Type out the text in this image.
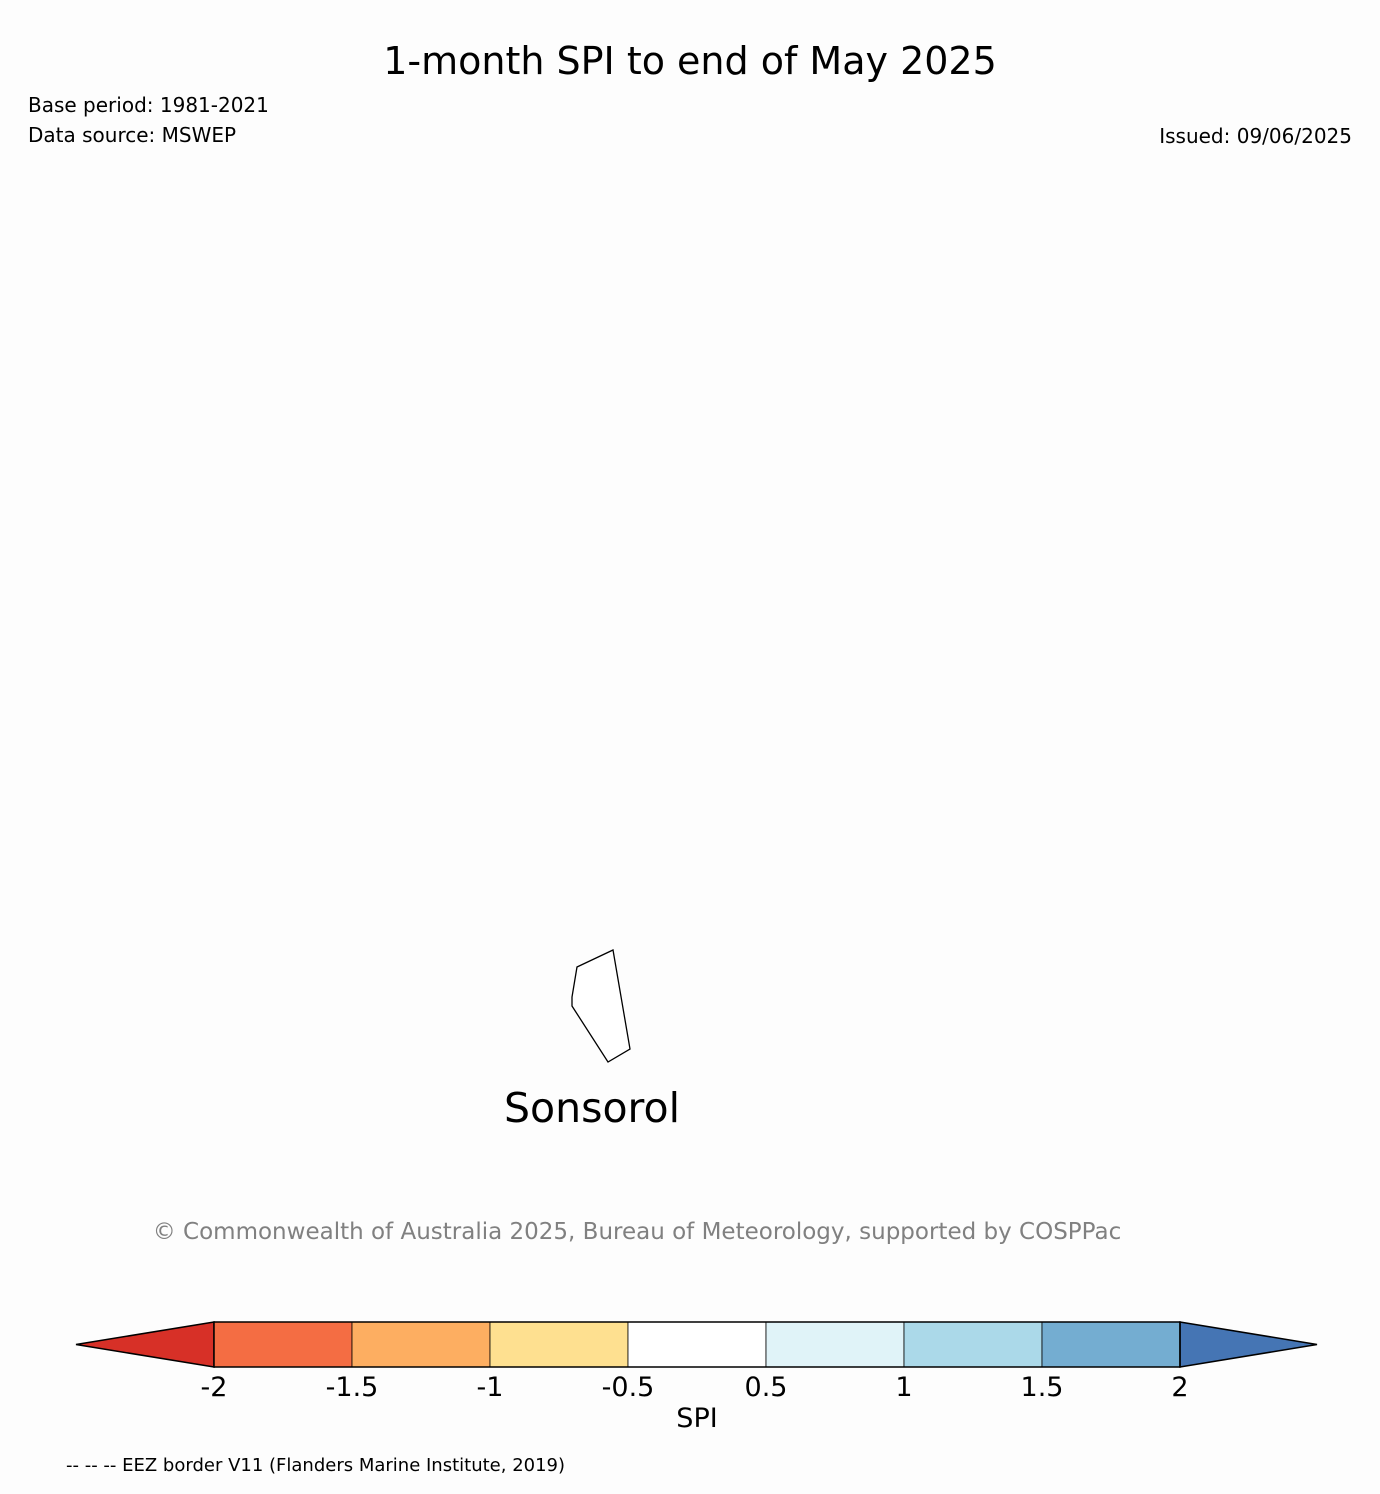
1-month SPI to end of May 2025
Base period: 1981-2021
Data source: MSWEP	Issued: 09/06/2025
Sonsorol
© Commonwealth of Australia 2025, Bureau of Meteorology, supported by COSPPac
-2	-1.5	-1	-0.5	0.5	1	1.5	2
SPI
-- -- -- EEZ border V11 (Flanders Marine Institute, 2019)
